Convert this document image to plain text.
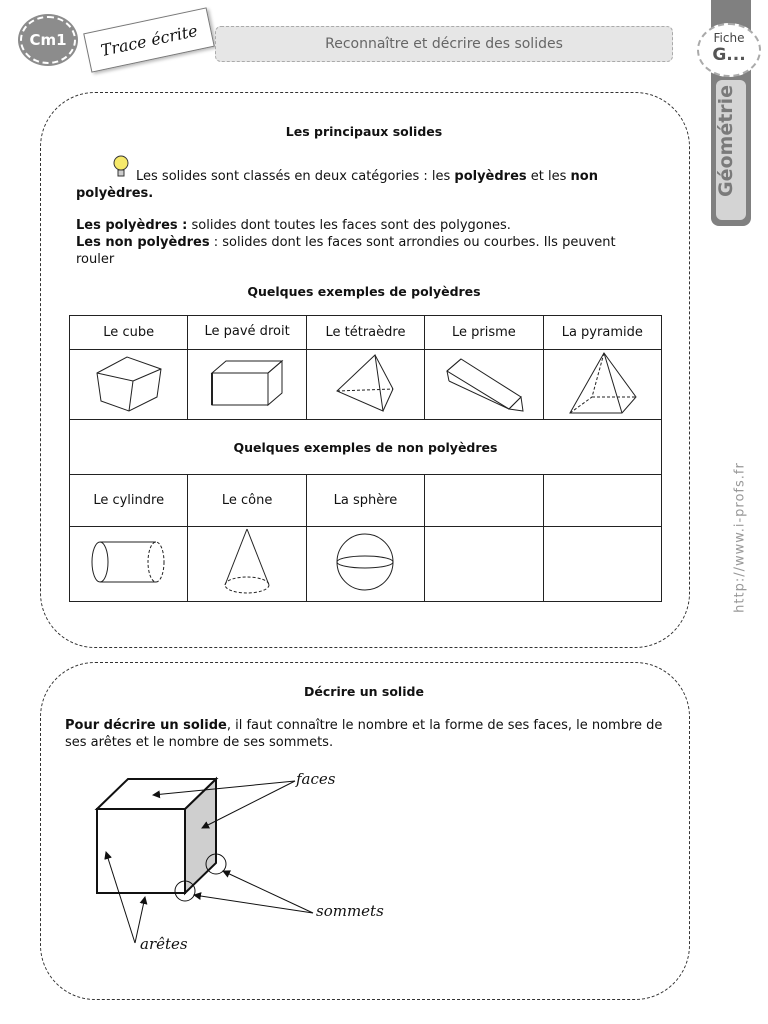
Cm1	Trace écrite	Reconnaître et décrire des solides	Fiche
G...
Géométrie
http://www.i-profs.fr
Les principaux solides
Les solides sont classés en deux catégories : les polyèdres et les non polyèdres.
Les polyèdres : solides dont toutes les faces sont des polygones.
Les non polyèdres : solides dont les faces sont arrondies ou courbes. Ils peuvent rouler
Quelques exemples de polyèdres
Le cube	Le pavé droit	Le tétraèdre	Le prisme	La pyramide

Quelques exemples de non polyèdres				
Le cylindre	Le cône	La sphère		

Décrire un solide
Pour décrire un solide, il faut connaître le nombre et la forme de ses faces, le nombre de ses arêtes et le nombre de ses sommets.
faces
sommets
arêtes
